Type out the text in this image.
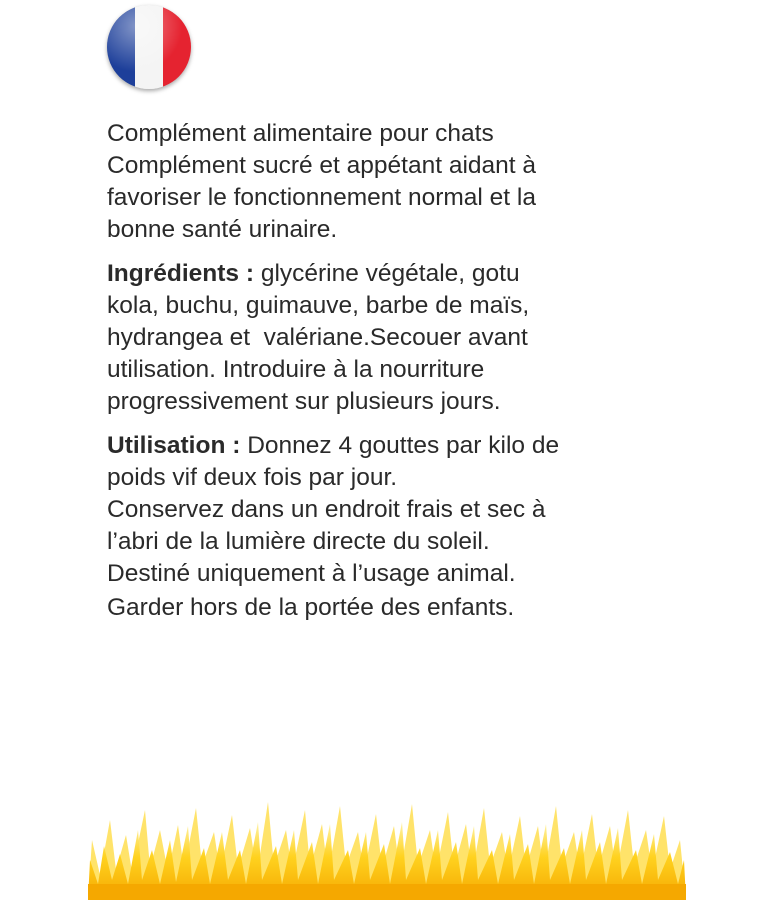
Complément alimentaire pour chats
Complément sucré et appétant aidant à
favoriser le fonctionnement normal et la
bonne santé urinaire.
Ingrédients : glycérine végétale, gotu
kola, buchu, guimauve, barbe de maïs,
hydrangea et  valériane.Secouer avant
utilisation. Introduire à la nourriture
progressivement sur plusieurs jours.
Utilisation : Donnez 4 gouttes par kilo de
poids vif deux fois par jour.
Conservez dans un endroit frais et sec à
l’abri de la lumière directe du soleil.
Destiné uniquement à l’usage animal.
Garder hors de la portée des enfants.
